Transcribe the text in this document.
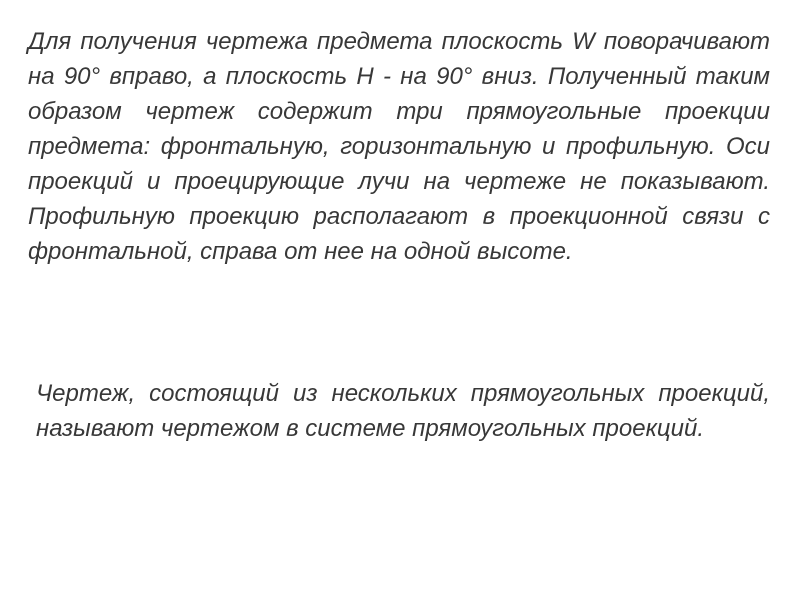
Для получения чертежа предмета плоскость W поворачивают на 90° вправо, а плоскость H - на 90° вниз. Полученный таким образом чертеж содержит три прямоугольные проекции предмета: фронтальную, горизонтальную и профильную. Оси проекций и проецирующие лучи на чертеже не показывают. Профильную проекцию располагают в проекционной связи с фронтальной, справа от нее на одной высоте.

Чертеж, состоящий из нескольких прямоугольных проекций, называют чертежом в системе прямоугольных проекций.
